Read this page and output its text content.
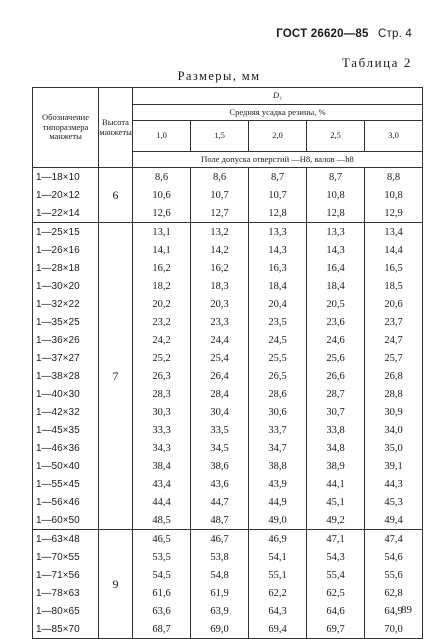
ГОСТ 26620—85 Стр. 4
Таблица 2
Размеры, мм
Обозначение типоразмера манжеты	Высота манжеты	D₁				
		Средняя усадка резины, %				
		1,0	1,5	2,0	2,5	3,0
		Поле допуска отверстий —H8, валов —h8				
1—18×10	6	8,6	8,6	8,7	8,7	8,8
1—20×12		10,6	10,7	10,7	10,8	10,8
1—22×14		12,6	12,7	12,8	12,8	12,9
1—25×15	7	13,1	13,2	13,3	13,3	13,4
1—26×16		14,1	14,2	14,3	14,3	14,4
1—28×18		16,2	16,2	16,3	16,4	16,5
1—30×20		18,2	18,3	18,4	18,4	18,5
1—32×22		20,2	20,3	20,4	20,5	20,6
1—35×25		23,2	23,3	23,5	23,6	23,7
1—36×26		24,2	24,4	24,5	24,6	24,7
1—37×27		25,2	25,4	25,5	25,6	25,7
1—38×28		26,3	26,4	26,5	26,6	26,8
1—40×30		28,3	28,4	28,6	28,7	28,8
1—42×32		30,3	30,4	30,6	30,7	30,9
1—45×35		33,3	33,5	33,7	33,8	34,0
1—46×36		34,3	34,5	34,7	34,8	35,0
1—50×40		38,4	38,6	38,8	38,9	39,1
1—55×45		43,4	43,6	43,9	44,1	44,3
1—56×46		44,4	44,7	44,9	45,1	45,3
1—60×50		48,5	48,7	49,0	49,2	49,4
1—63×48	9	46,5	46,7	46,9	47,1	47,4
1—70×55		53,5	53,8	54,1	54,3	54,6
1—71×56		54,5	54,8	55,1	55,4	55,6
1—78×63		61,6	61,9	62,2	62,5	62,8
1—80×65		63,6	63,9	64,3	64,6	64,9
1—85×70		68,7	69,0	69,4	69,7	70,0
89
